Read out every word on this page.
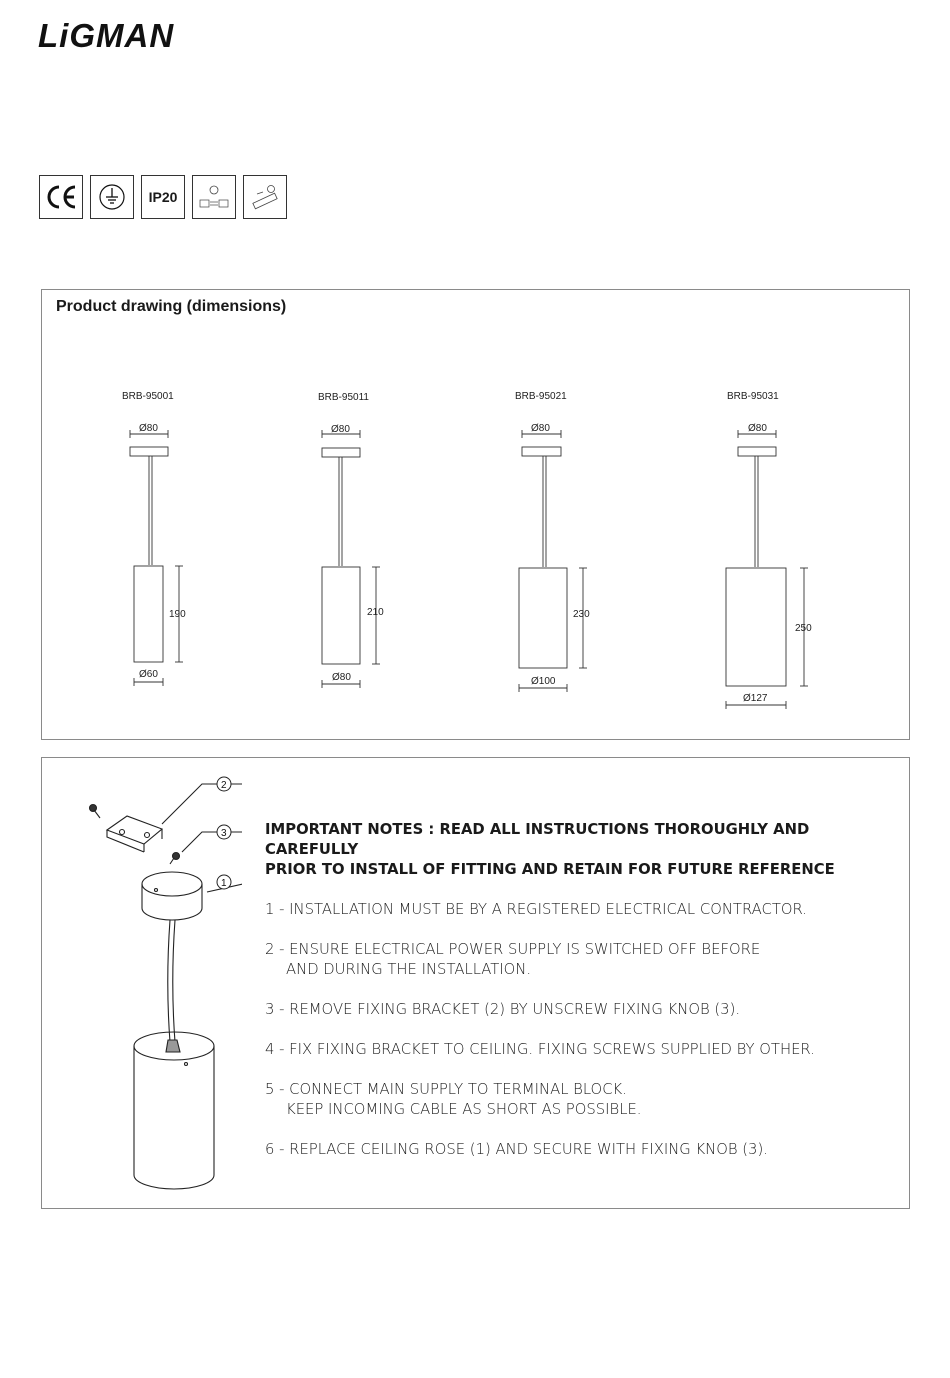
LiGMAN
IP20
Product drawing (dimensions)
BRB-95001
Ø80
190
Ø60
BRB-95011
Ø80
210
Ø80
BRB-95021
Ø80
230
Ø100
BRB-95031
Ø80
250
Ø127
2
3
1
IMPORTANT NOTES : READ ALL INSTRUCTIONS THOROUGHLY AND CAREFULLY
PRIOR TO INSTALL OF FITTING AND RETAIN FOR FUTURE REFERENCE
1 - INSTALLATION MUST BE BY A REGISTERED ELECTRICAL CONTRACTOR.
2 - ENSURE ELECTRICAL POWER SUPPLY IS SWITCHED OFF BEFORE
AND DURING THE INSTALLATION.
3 - REMOVE FIXING BRACKET (2) BY UNSCREW FIXING KNOB (3).
4 - FIX FIXING BRACKET TO CEILING. FIXING SCREWS SUPPLIED BY OTHER.
5 - CONNECT MAIN SUPPLY TO TERMINAL BLOCK.
KEEP INCOMING CABLE AS SHORT AS POSSIBLE.
6 - REPLACE CEILING ROSE (1) AND SECURE WITH FIXING KNOB (3).
